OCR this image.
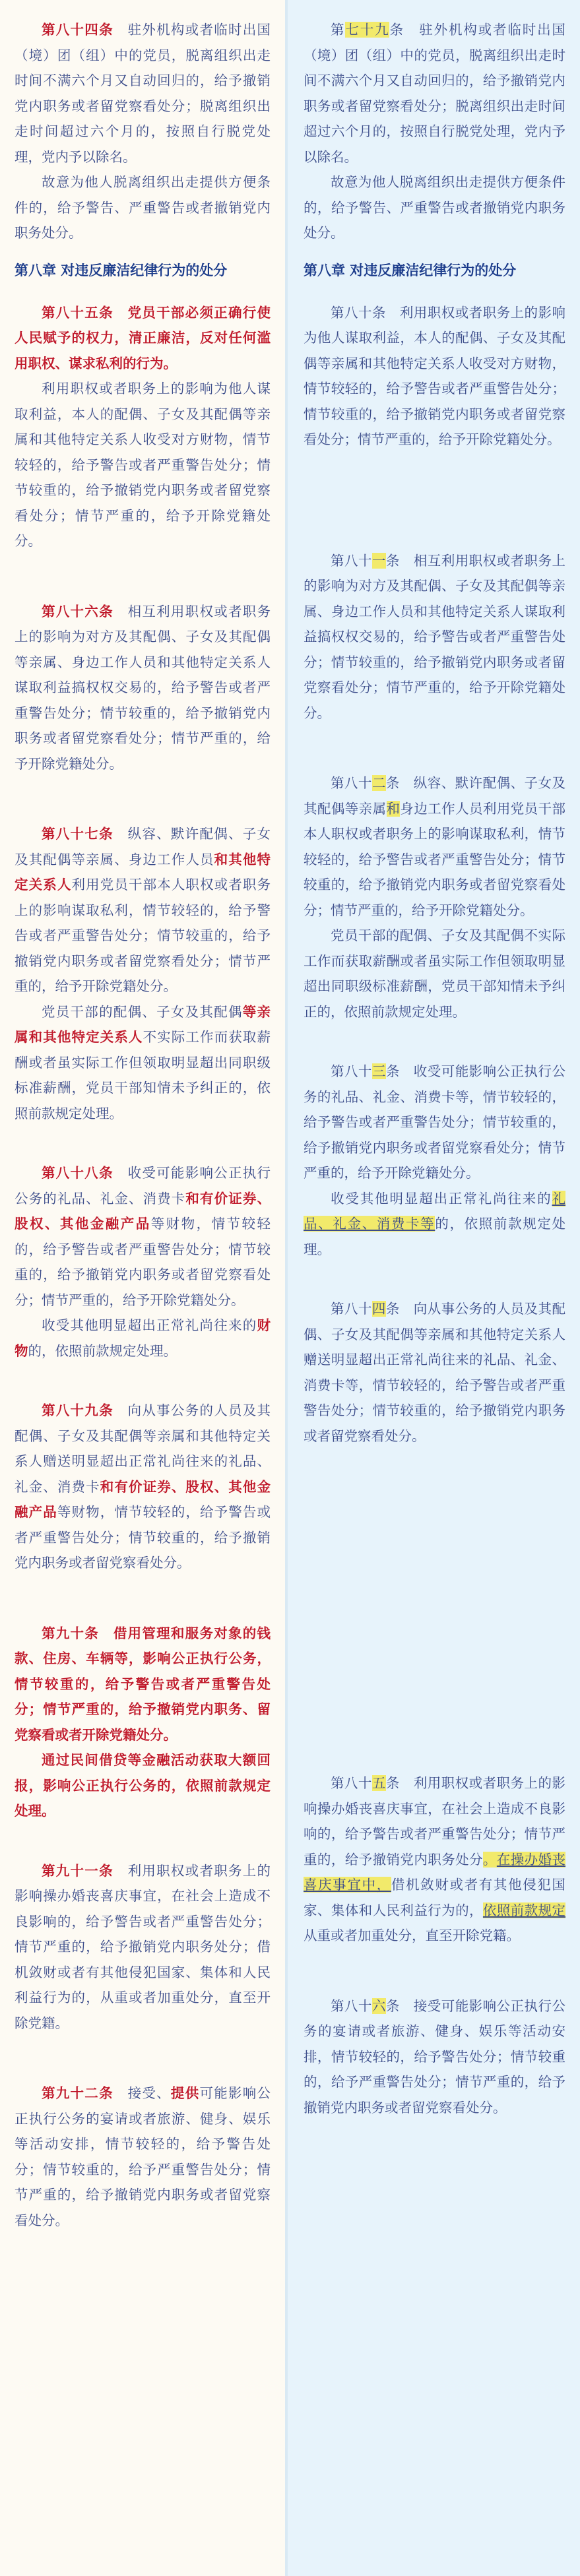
第八十四条　驻外机构或者临时出国（境）团（组）中的党员，脱离组织出走时间不满六个月又自动回归的，给予撤销党内职务或者留党察看处分；脱离组织出走时间超过六个月的，按照自行脱党处理，党内予以除名。

故意为他人脱离组织出走提供方便条件的，给予警告、严重警告或者撤销党内职务处分。

第八章 对违反廉洁纪律行为的处分

第八十五条　党员干部必须正确行使人民赋予的权力，清正廉洁，反对任何滥用职权、谋求私利的行为。

利用职权或者职务上的影响为他人谋取利益，本人的配偶、子女及其配偶等亲属和其他特定关系人收受对方财物，情节较轻的，给予警告或者严重警告处分；情节较重的，给予撤销党内职务或者留党察看处分；情节严重的，给予开除党籍处分。

第八十六条　相互利用职权或者职务上的影响为对方及其配偶、子女及其配偶等亲属、身边工作人员和其他特定关系人谋取利益搞权权交易的，给予警告或者严重警告处分；情节较重的，给予撤销党内职务或者留党察看处分；情节严重的，给予开除党籍处分。

第八十七条　纵容、默许配偶、子女及其配偶等亲属、身边工作人员和其他特定关系人利用党员干部本人职权或者职务上的影响谋取私利，情节较轻的，给予警告或者严重警告处分；情节较重的，给予撤销党内职务或者留党察看处分；情节严重的，给予开除党籍处分。

党员干部的配偶、子女及其配偶等亲属和其他特定关系人不实际工作而获取薪酬或者虽实际工作但领取明显超出同职级标准薪酬，党员干部知情未予纠正的，依照前款规定处理。

第八十八条　收受可能影响公正执行公务的礼品、礼金、消费卡和有价证券、股权、其他金融产品等财物，情节较轻的，给予警告或者严重警告处分；情节较重的，给予撤销党内职务或者留党察看处分；情节严重的，给予开除党籍处分。

收受其他明显超出正常礼尚往来的财物的，依照前款规定处理。

第八十九条　向从事公务的人员及其配偶、子女及其配偶等亲属和其他特定关系人赠送明显超出正常礼尚往来的礼品、礼金、消费卡和有价证券、股权、其他金融产品等财物，情节较轻的，给予警告或者严重警告处分；情节较重的，给予撤销党内职务或者留党察看处分。

第九十条　借用管理和服务对象的钱款、住房、车辆等，影响公正执行公务，情节较重的，给予警告或者严重警告处分；情节严重的，给予撤销党内职务、留党察看或者开除党籍处分。

通过民间借贷等金融活动获取大额回报，影响公正执行公务的，依照前款规定处理。

第九十一条　利用职权或者职务上的影响操办婚丧喜庆事宜，在社会上造成不良影响的，给予警告或者严重警告处分；情节严重的，给予撤销党内职务处分；借机敛财或者有其他侵犯国家、集体和人民利益行为的，从重或者加重处分，直至开除党籍。

第九十二条　接受、提供可能影响公正执行公务的宴请或者旅游、健身、娱乐等活动安排，情节较轻的，给予警告处分；情节较重的，给予严重警告处分；情节严重的，给予撤销党内职务或者留党察看处分。

第七十九条　驻外机构或者临时出国（境）团（组）中的党员，脱离组织出走时间不满六个月又自动回归的，给予撤销党内职务或者留党察看处分；脱离组织出走时间超过六个月的，按照自行脱党处理，党内予以除名。

故意为他人脱离组织出走提供方便条件的，给予警告、严重警告或者撤销党内职务处分。

第八章 对违反廉洁纪律行为的处分

第八十条　利用职权或者职务上的影响为他人谋取利益，本人的配偶、子女及其配偶等亲属和其他特定关系人收受对方财物，情节较轻的，给予警告或者严重警告处分；情节较重的，给予撤销党内职务或者留党察看处分；情节严重的，给予开除党籍处分。

第八十一条　相互利用职权或者职务上的影响为对方及其配偶、子女及其配偶等亲属、身边工作人员和其他特定关系人谋取利益搞权权交易的，给予警告或者严重警告处分；情节较重的，给予撤销党内职务或者留党察看处分；情节严重的，给予开除党籍处分。

第八十二条　纵容、默许配偶、子女及其配偶等亲属和身边工作人员利用党员干部本人职权或者职务上的影响谋取私利，情节较轻的，给予警告或者严重警告处分；情节较重的，给予撤销党内职务或者留党察看处分；情节严重的，给予开除党籍处分。

党员干部的配偶、子女及其配偶不实际工作而获取薪酬或者虽实际工作但领取明显超出同职级标准薪酬，党员干部知情未予纠正的，依照前款规定处理。

第八十三条　收受可能影响公正执行公务的礼品、礼金、消费卡等，情节较轻的，给予警告或者严重警告处分；情节较重的，给予撤销党内职务或者留党察看处分；情节严重的，给予开除党籍处分。

收受其他明显超出正常礼尚往来的礼品、礼金、消费卡等的，依照前款规定处理。

第八十四条　向从事公务的人员及其配偶、子女及其配偶等亲属和其他特定关系人赠送明显超出正常礼尚往来的礼品、礼金、消费卡等，情节较轻的，给予警告或者严重警告处分；情节较重的，给予撤销党内职务或者留党察看处分。

第八十五条　利用职权或者职务上的影响操办婚丧喜庆事宜，在社会上造成不良影响的，给予警告或者严重警告处分；情节严重的，给予撤销党内职务处分。在操办婚丧喜庆事宜中，借机敛财或者有其他侵犯国家、集体和人民利益行为的，依照前款规定从重或者加重处分，直至开除党籍。

第八十六条　接受可能影响公正执行公务的宴请或者旅游、健身、娱乐等活动安排，情节较轻的，给予警告处分；情节较重的，给予严重警告处分；情节严重的，给予撤销党内职务或者留党察看处分。
